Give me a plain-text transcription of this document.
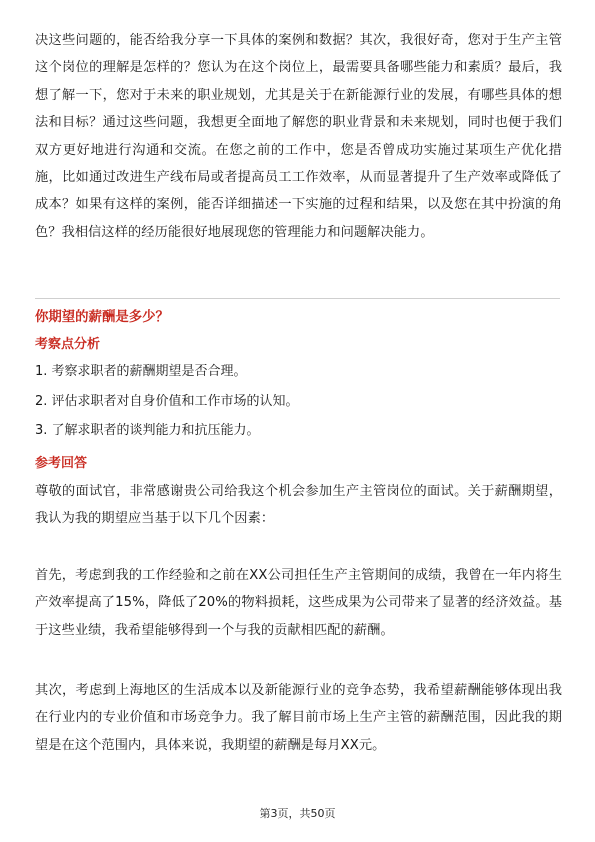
决这些问题的，能否给我分享一下具体的案例和数据？其次，我很好奇，您对于生产主管这个岗位的理解是怎样的？您认为在这个岗位上，最需要具备哪些能力和素质？最后，我想了解一下，您对于未来的职业规划，尤其是关于在新能源行业的发展，有哪些具体的想法和目标？通过这些问题，我想更全面地了解您的职业背景和未来规划，同时也便于我们双方更好地进行沟通和交流。在您之前的工作中，您是否曾成功实施过某项生产优化措施，比如通过改进生产线布局或者提高员工工作效率，从而显著提升了生产效率或降低了成本？如果有这样的案例，能否详细描述一下实施的过程和结果，以及您在其中扮演的角色？我相信这样的经历能很好地展现您的管理能力和问题解决能力。

你期望的薪酬是多少？

考察点分析

1. 考察求职者的薪酬期望是否合理。

2. 评估求职者对自身价值和工作市场的认知。

3. 了解求职者的谈判能力和抗压能力。

参考回答

尊敬的面试官，非常感谢贵公司给我这个机会参加生产主管岗位的面试。关于薪酬期望，我认为我的期望应当基于以下几个因素：

首先，考虑到我的工作经验和之前在XX公司担任生产主管期间的成绩，我曾在一年内将生产效率提高了15%，降低了20%的物料损耗，这些成果为公司带来了显著的经济效益。基于这些业绩，我希望能够得到一个与我的贡献相匹配的薪酬。

其次，考虑到上海地区的生活成本以及新能源行业的竞争态势，我希望薪酬能够体现出我在行业内的专业价值和市场竞争力。我了解目前市场上生产主管的薪酬范围，因此我的期望是在这个范围内，具体来说，我期望的薪酬是每月XX元。

第3页，共50页
